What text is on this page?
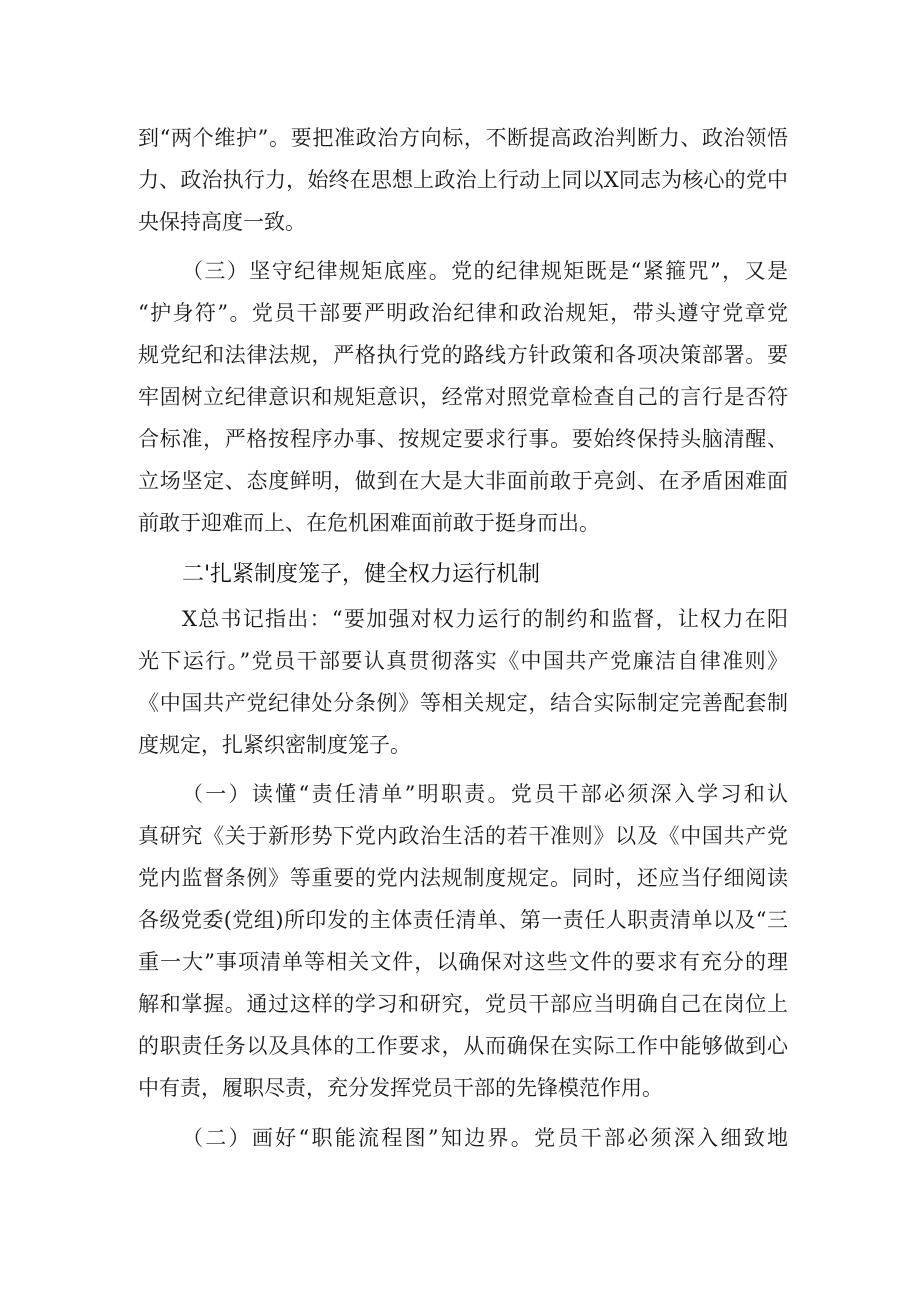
到“两个维护”。要把准政治方向标，不断提高政治判断力、政治领悟
力、政治执行力，始终在思想上政治上行动上同以X同志为核心的党中
央保持高度一致。
（三）坚守纪律规矩底座。党的纪律规矩既是“紧箍咒”，又是
“护身符”。党员干部要严明政治纪律和政治规矩，带头遵守党章党
规党纪和法律法规，严格执行党的路线方针政策和各项决策部署。要
牢固树立纪律意识和规矩意识，经常对照党章检查自己的言行是否符
合标准，严格按程序办事、按规定要求行事。要始终保持头脑清醒、
立场坚定、态度鲜明，做到在大是大非面前敢于亮剑、在矛盾困难面
前敢于迎难而上、在危机困难面前敢于挺身而出。
二'扎紧制度笼子，健全权力运行机制
X总书记指出：“要加强对权力运行的制约和监督，让权力在阳
光下运行。”党员干部要认真贯彻落实《中国共产党廉洁自律准则》
《中国共产党纪律处分条例》等相关规定，结合实际制定完善配套制
度规定，扎紧织密制度笼子。
（一）读懂“责任清单”明职责。党员干部必须深入学习和认
真研究《关于新形势下党内政治生活的若干准则》以及《中国共产党
党内监督条例》等重要的党内法规制度规定。同时，还应当仔细阅读
各级党委(党组)所印发的主体责任清单、第一责任人职责清单以及“三
重一大”事项清单等相关文件，以确保对这些文件的要求有充分的理
解和掌握。通过这样的学习和研究，党员干部应当明确自己在岗位上
的职责任务以及具体的工作要求，从而确保在实际工作中能够做到心
中有责，履职尽责，充分发挥党员干部的先锋模范作用。
（二）画好“职能流程图”知边界。党员干部必须深入细致地
